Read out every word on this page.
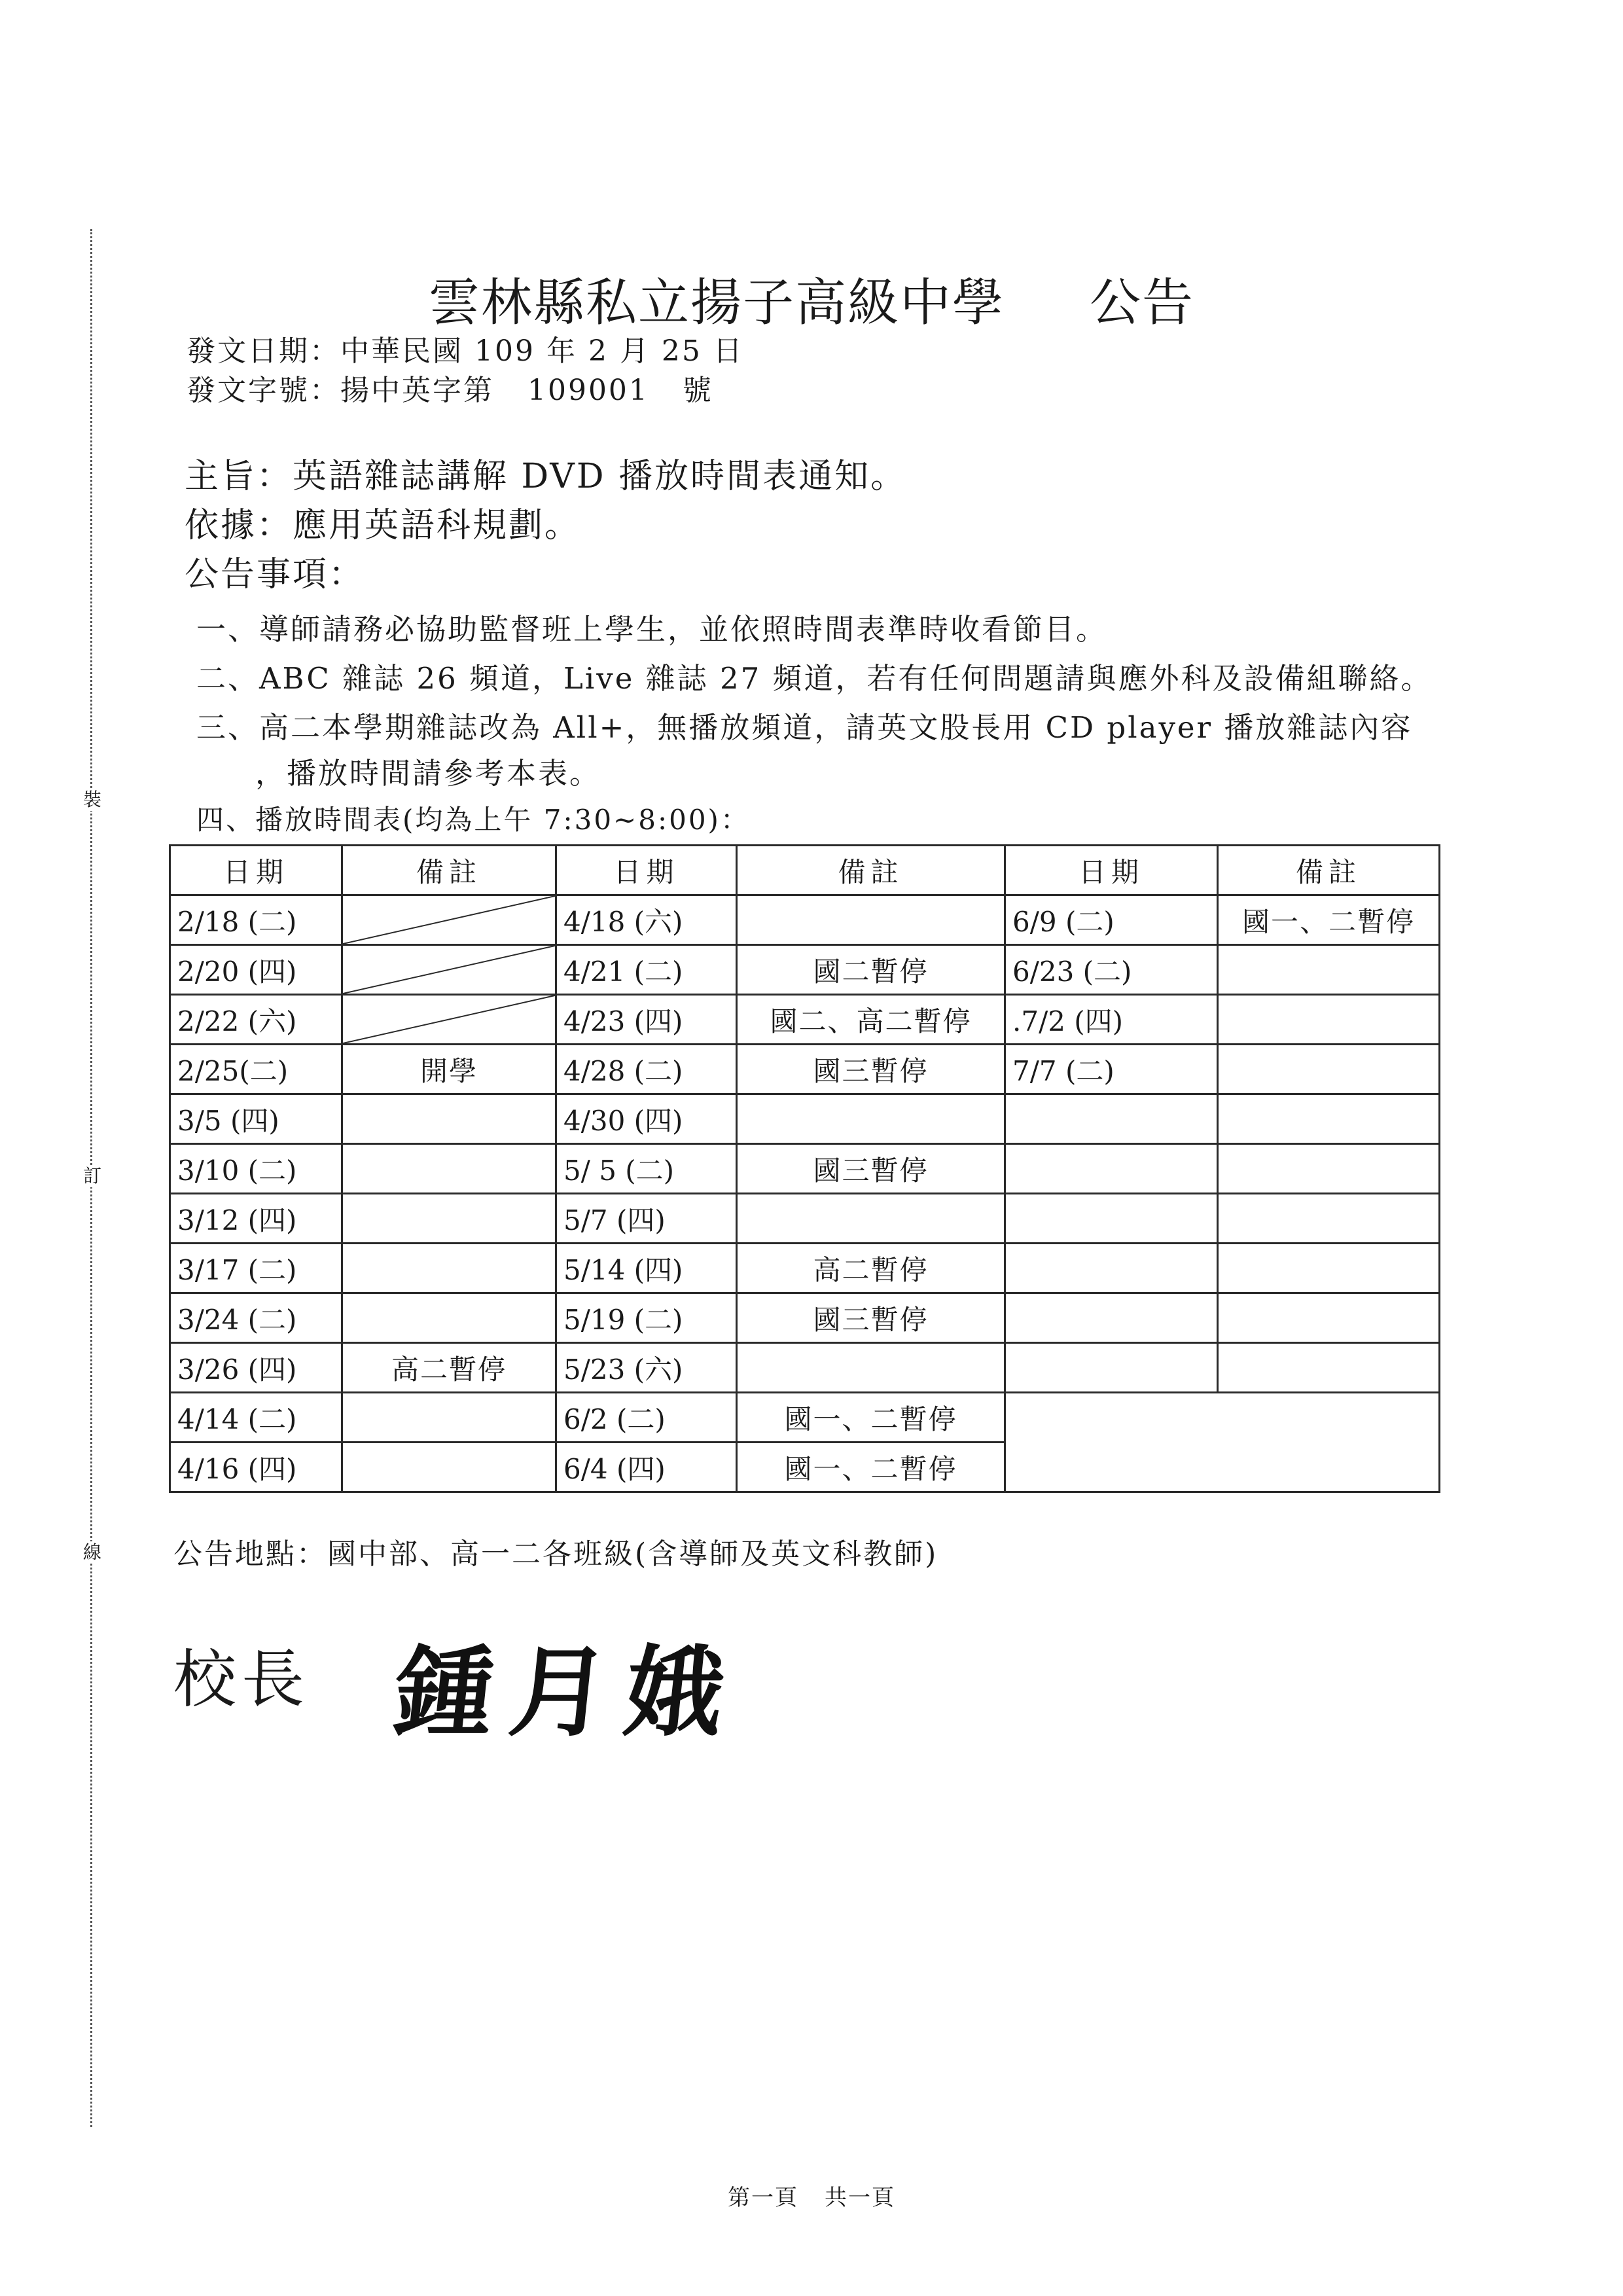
裝
訂
線
雲林縣私立揚子高級中學 公告
發文日期：中華民國 109 年 2 月 25 日
發文字號：揚中英字第   109001   號
主旨：英語雜誌講解 DVD 播放時間表通知。
依據：應用英語科規劃。
公告事項：
一、導師請務必協助監督班上學生，並依照時間表準時收看節目。
二、ABC 雜誌 26 頻道，Live 雜誌 27 頻道，若有任何問題請與應外科及設備組聯絡。
三、高二本學期雜誌改為 All+，無播放頻道，請英文股長用 CD player 播放雜誌內容
，播放時間請參考本表。
四、播放時間表(均為上午 7:30~8:00)：
日期	備註	日期	備註	日期	備註
2/18 (二)		4/18 (六)		6/9 (二)	國一、二暫停
2/20 (四)		4/21 (二)	國二暫停	6/23 (二)	
2/22 (六)		4/23 (四)	國二、高二暫停	.7/2 (四)	
2/25(二)	開學	4/28 (二)	國三暫停	7/7 (二)	
3/5 (四)		4/30 (四)			
3/10 (二)		5/ 5 (二)	國三暫停		
3/12 (四)		5/7 (四)			
3/17 (二)		5/14 (四)	高二暫停		
3/24 (二)		5/19 (二)	國三暫停		
3/26 (四)	高二暫停	5/23 (六)			
4/14 (二)		6/2 (二)	國一、二暫停		
4/16 (四)		6/4 (四)	國一、二暫停		
公告地點：國中部、高一二各班級(含導師及英文科教師)
校長 鍾月娥
第一頁 共一頁
